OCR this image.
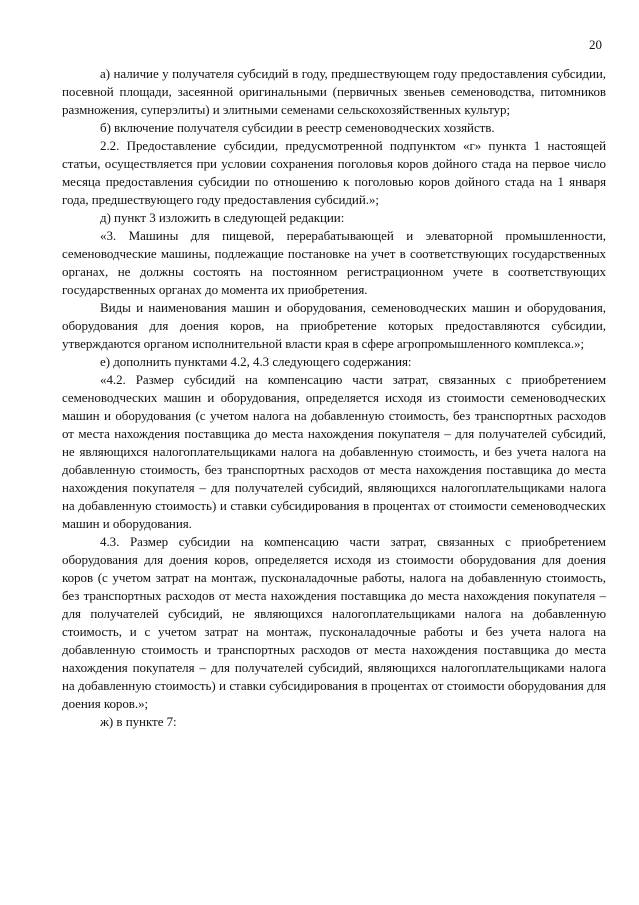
20

а) наличие у получателя субсидий в году, предшествующем году предоставления субсидии, посевной площади, засеянной оригинальными (первичных звеньев семеноводства, питомников размножения, суперэлиты) и элитными семенами сельскохозяйственных культур;

б) включение получателя субсидии в реестр семеноводческих хозяйств.

2.2. Предоставление субсидии, предусмотренной подпунктом «г» пункта 1 настоящей статьи, осуществляется при условии сохранения поголовья коров дойного стада на первое число месяца предоставления субсидии по отношению к поголовью коров дойного стада на 1 января года, предшествующего году предоставления субсидий.»;

д) пункт 3 изложить в следующей редакции:

«3. Машины для пищевой, перерабатывающей и элеваторной промышленности, семеноводческие машины, подлежащие постановке на учет в соответствующих государственных органах, не должны состоять на постоянном регистрационном учете в соответствующих государственных органах до момента их приобретения.

Виды и наименования машин и оборудования, семеноводческих машин и оборудования, оборудования для доения коров, на приобретение которых предоставляются субсидии, утверждаются органом исполнительной власти края в сфере агропромышленного комплекса.»;

е) дополнить пунктами 4.2, 4.3 следующего содержания:

«4.2. Размер субсидий на компенсацию части затрат, связанных с приобретением семеноводческих машин и оборудования, определяется исходя из стоимости семеноводческих машин и оборудования (с учетом налога на добавленную стоимость, без транспортных расходов от места нахождения поставщика до места нахождения покупателя – для получателей субсидий, не являющихся налогоплательщиками налога на добавленную стоимость, и без учета налога на добавленную стоимость, без транспортных расходов от места нахождения поставщика до места нахождения покупателя – для получателей субсидий, являющихся налогоплательщиками налога на добавленную стоимость) и ставки субсидирования в процентах от стоимости семеноводческих машин и оборудования.

4.3. Размер субсидии на компенсацию части затрат, связанных с приобретением оборудования для доения коров, определяется исходя из стоимости оборудования для доения коров (с учетом затрат на монтаж, пусконаладочные работы, налога на добавленную стоимость, без транспортных расходов от места нахождения поставщика до места нахождения покупателя – для получателей субсидий, не являющихся налогоплательщиками налога на добавленную стоимость, и с учетом затрат на монтаж, пусконаладочные работы и без учета налога на добавленную стоимость и транспортных расходов от места нахождения поставщика до места нахождения покупателя – для получателей субсидий, являющихся налогоплательщиками налога на добавленную стоимость) и ставки субсидирования в процентах от стоимости оборудования для доения коров.»;

ж) в пункте 7:
